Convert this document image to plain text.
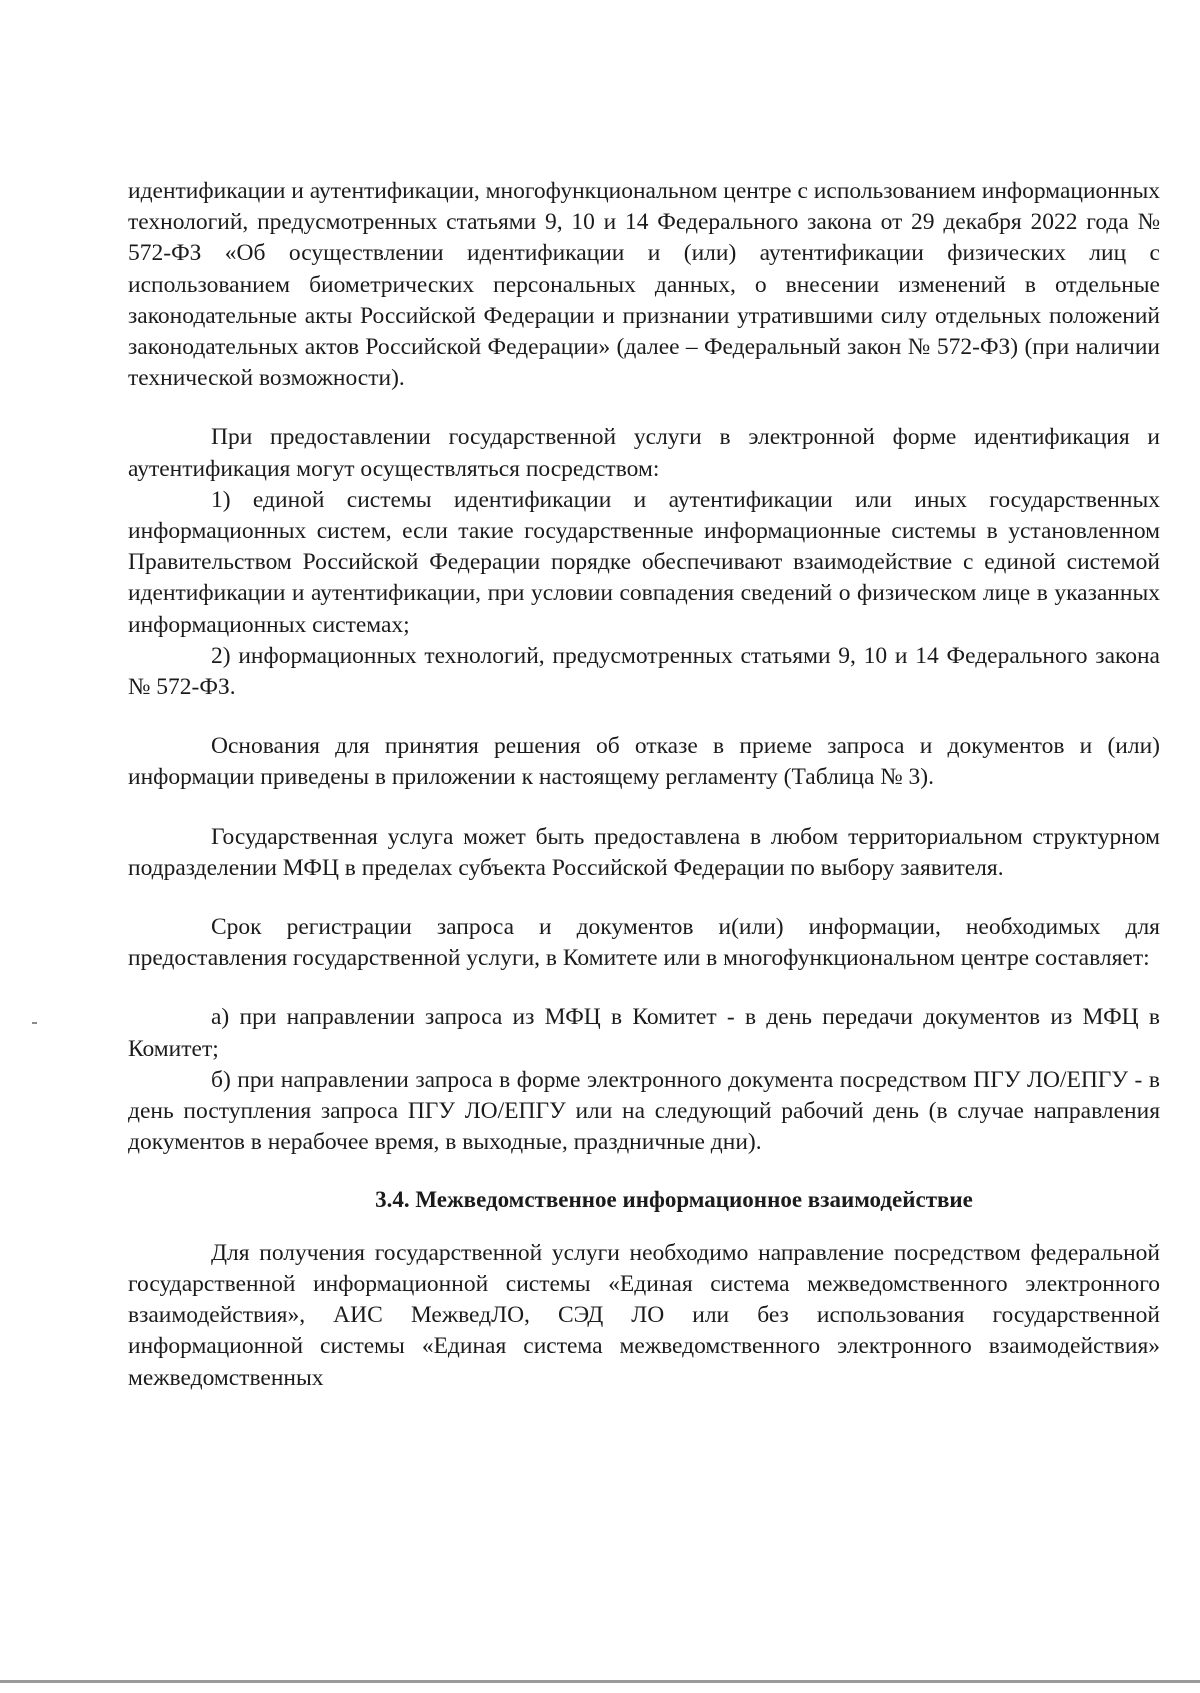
идентификации и аутентификации, многофункциональном центре с использованием информационных технологий, предусмотренных статьями 9, 10 и 14 Федерального закона от 29 декабря 2022 года № 572-ФЗ «Об осуществлении идентификации и (или) аутентификации физических лиц с использованием биометрических персональных данных, о внесении изменений в отдельные законодательные акты Российской Федерации и признании утратившими силу отдельных положений законодательных актов Российской Федерации» (далее – Федеральный закон № 572-ФЗ) (при наличии технической возможности).

При предоставлении государственной услуги в электронной форме идентификация и аутентификация могут осуществляться посредством:

1) единой системы идентификации и аутентификации или иных государственных информационных систем, если такие государственные информационные системы в установленном Правительством Российской Федерации порядке обеспечивают взаимодействие с единой системой идентификации и аутентификации, при условии совпадения сведений о физическом лице в указанных информационных системах;

2) информационных технологий, предусмотренных статьями 9, 10 и 14 Федерального закона № 572-ФЗ.

Основания для принятия решения об отказе в приеме запроса и документов и (или) информации приведены в приложении к настоящему регламенту (Таблица № 3).

Государственная услуга может быть предоставлена в любом территориальном структурном подразделении МФЦ в пределах субъекта Российской Федерации по выбору заявителя.

Срок регистрации запроса и документов и(или) информации, необходимых для предоставления государственной услуги, в Комитете или в многофункциональном центре составляет:

а) при направлении запроса из МФЦ в Комитет - в день передачи документов из МФЦ в Комитет;

б) при направлении запроса в форме электронного документа посредством ПГУ ЛО/ЕПГУ - в день поступления запроса ПГУ ЛО/ЕПГУ или на следующий рабочий день (в случае направления документов в нерабочее время, в выходные, праздничные дни).

3.4. Межведомственное информационное взаимодействие

Для получения государственной услуги необходимо направление посредством федеральной государственной информационной системы «Единая система межведомственного электронного взаимодействия», АИС МежведЛО, СЭД ЛО или без использования государственной информационной системы «Единая система межведомственного электронного взаимодействия» межведомственных
